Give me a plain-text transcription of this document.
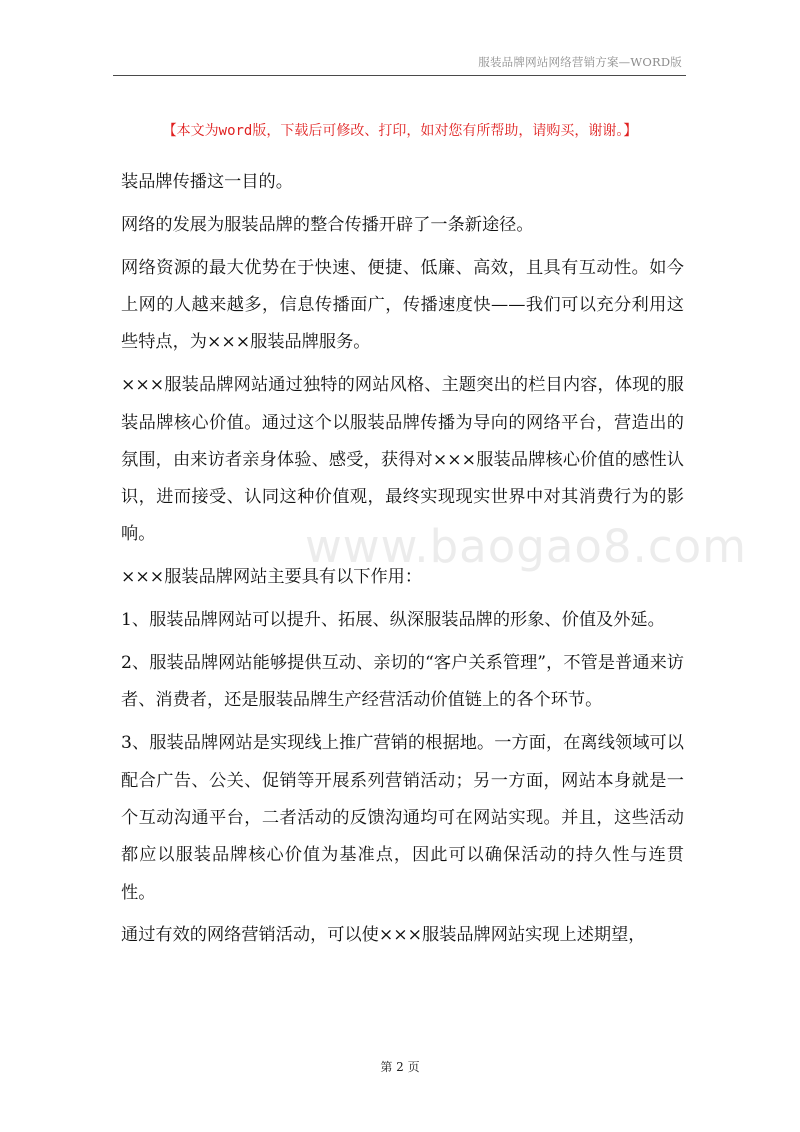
服装品牌网站网络营销方案—WORD版
【本文为word版，下载后可修改、打印，如对您有所帮助，请购买，谢谢。】
www.baogao8.com

装品牌传播这一目的。

网络的发展为服装品牌的整合传播开辟了一条新途径。

网络资源的最大优势在于快速、便捷、低廉、高效，且具有互动性。如今上网的人越来越多，信息传播面广，传播速度快——我们可以充分利用这些特点，为×××服装品牌服务。

×××服装品牌网站通过独特的网站风格、主题突出的栏目内容，体现的服装品牌核心价值。通过这个以服装品牌传播为导向的网络平台，营造出的氛围，由来访者亲身体验、感受，获得对×××服装品牌核心价值的感性认识，进而接受、认同这种价值观，最终实现现实世界中对其消费行为的影响。

×××服装品牌网站主要具有以下作用：

1、服装品牌网站可以提升、拓展、纵深服装品牌的形象、价值及外延。

2、服装品牌网站能够提供互动、亲切的“客户关系管理”，不管是普通来访者、消费者，还是服装品牌生产经营活动价值链上的各个环节。

3、服装品牌网站是实现线上推广营销的根据地。一方面，在离线领域可以配合广告、公关、促销等开展系列营销活动；另一方面，网站本身就是一个互动沟通平台，二者活动的反馈沟通均可在网站实现。并且，这些活动都应以服装品牌核心价值为基准点，因此可以确保活动的持久性与连贯性。

通过有效的网络营销活动，可以使×××服装品牌网站实现上述期望，

第 2 页
